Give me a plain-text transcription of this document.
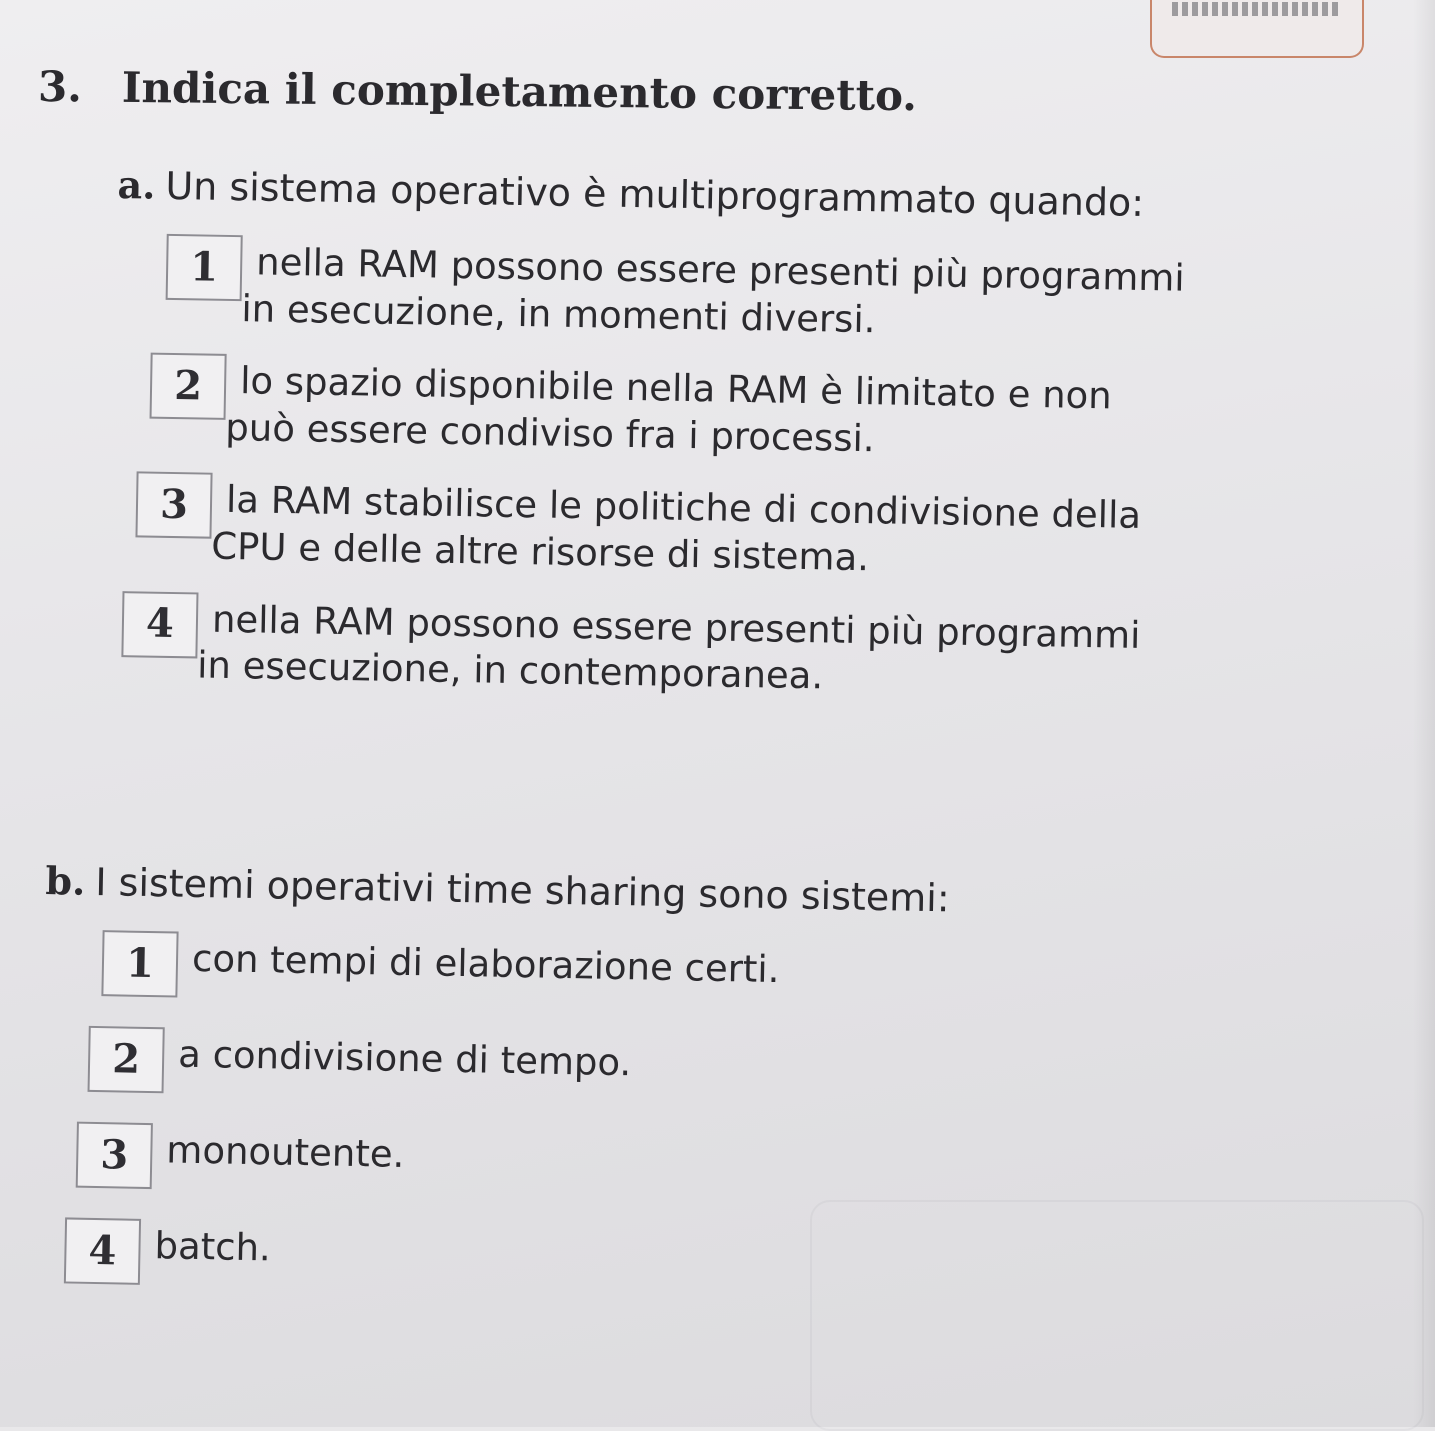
3. Indica il completamento corretto.
a. Un sistema operativo è multiprogrammato quando:
1	nella RAM possono essere presenti più programmi
in esecuzione, in momenti diversi.
2	lo spazio disponibile nella RAM è limitato e non
può essere condiviso fra i processi.
3	la RAM stabilisce le politiche di condivisione della
CPU e delle altre risorse di sistema.
4	nella RAM possono essere presenti più programmi
in esecuzione, in contemporanea.
b. I sistemi operativi time sharing sono sistemi:
1	con tempi di elaborazione certi.
2	a condivisione di tempo.
3	monoutente.
4	batch.
